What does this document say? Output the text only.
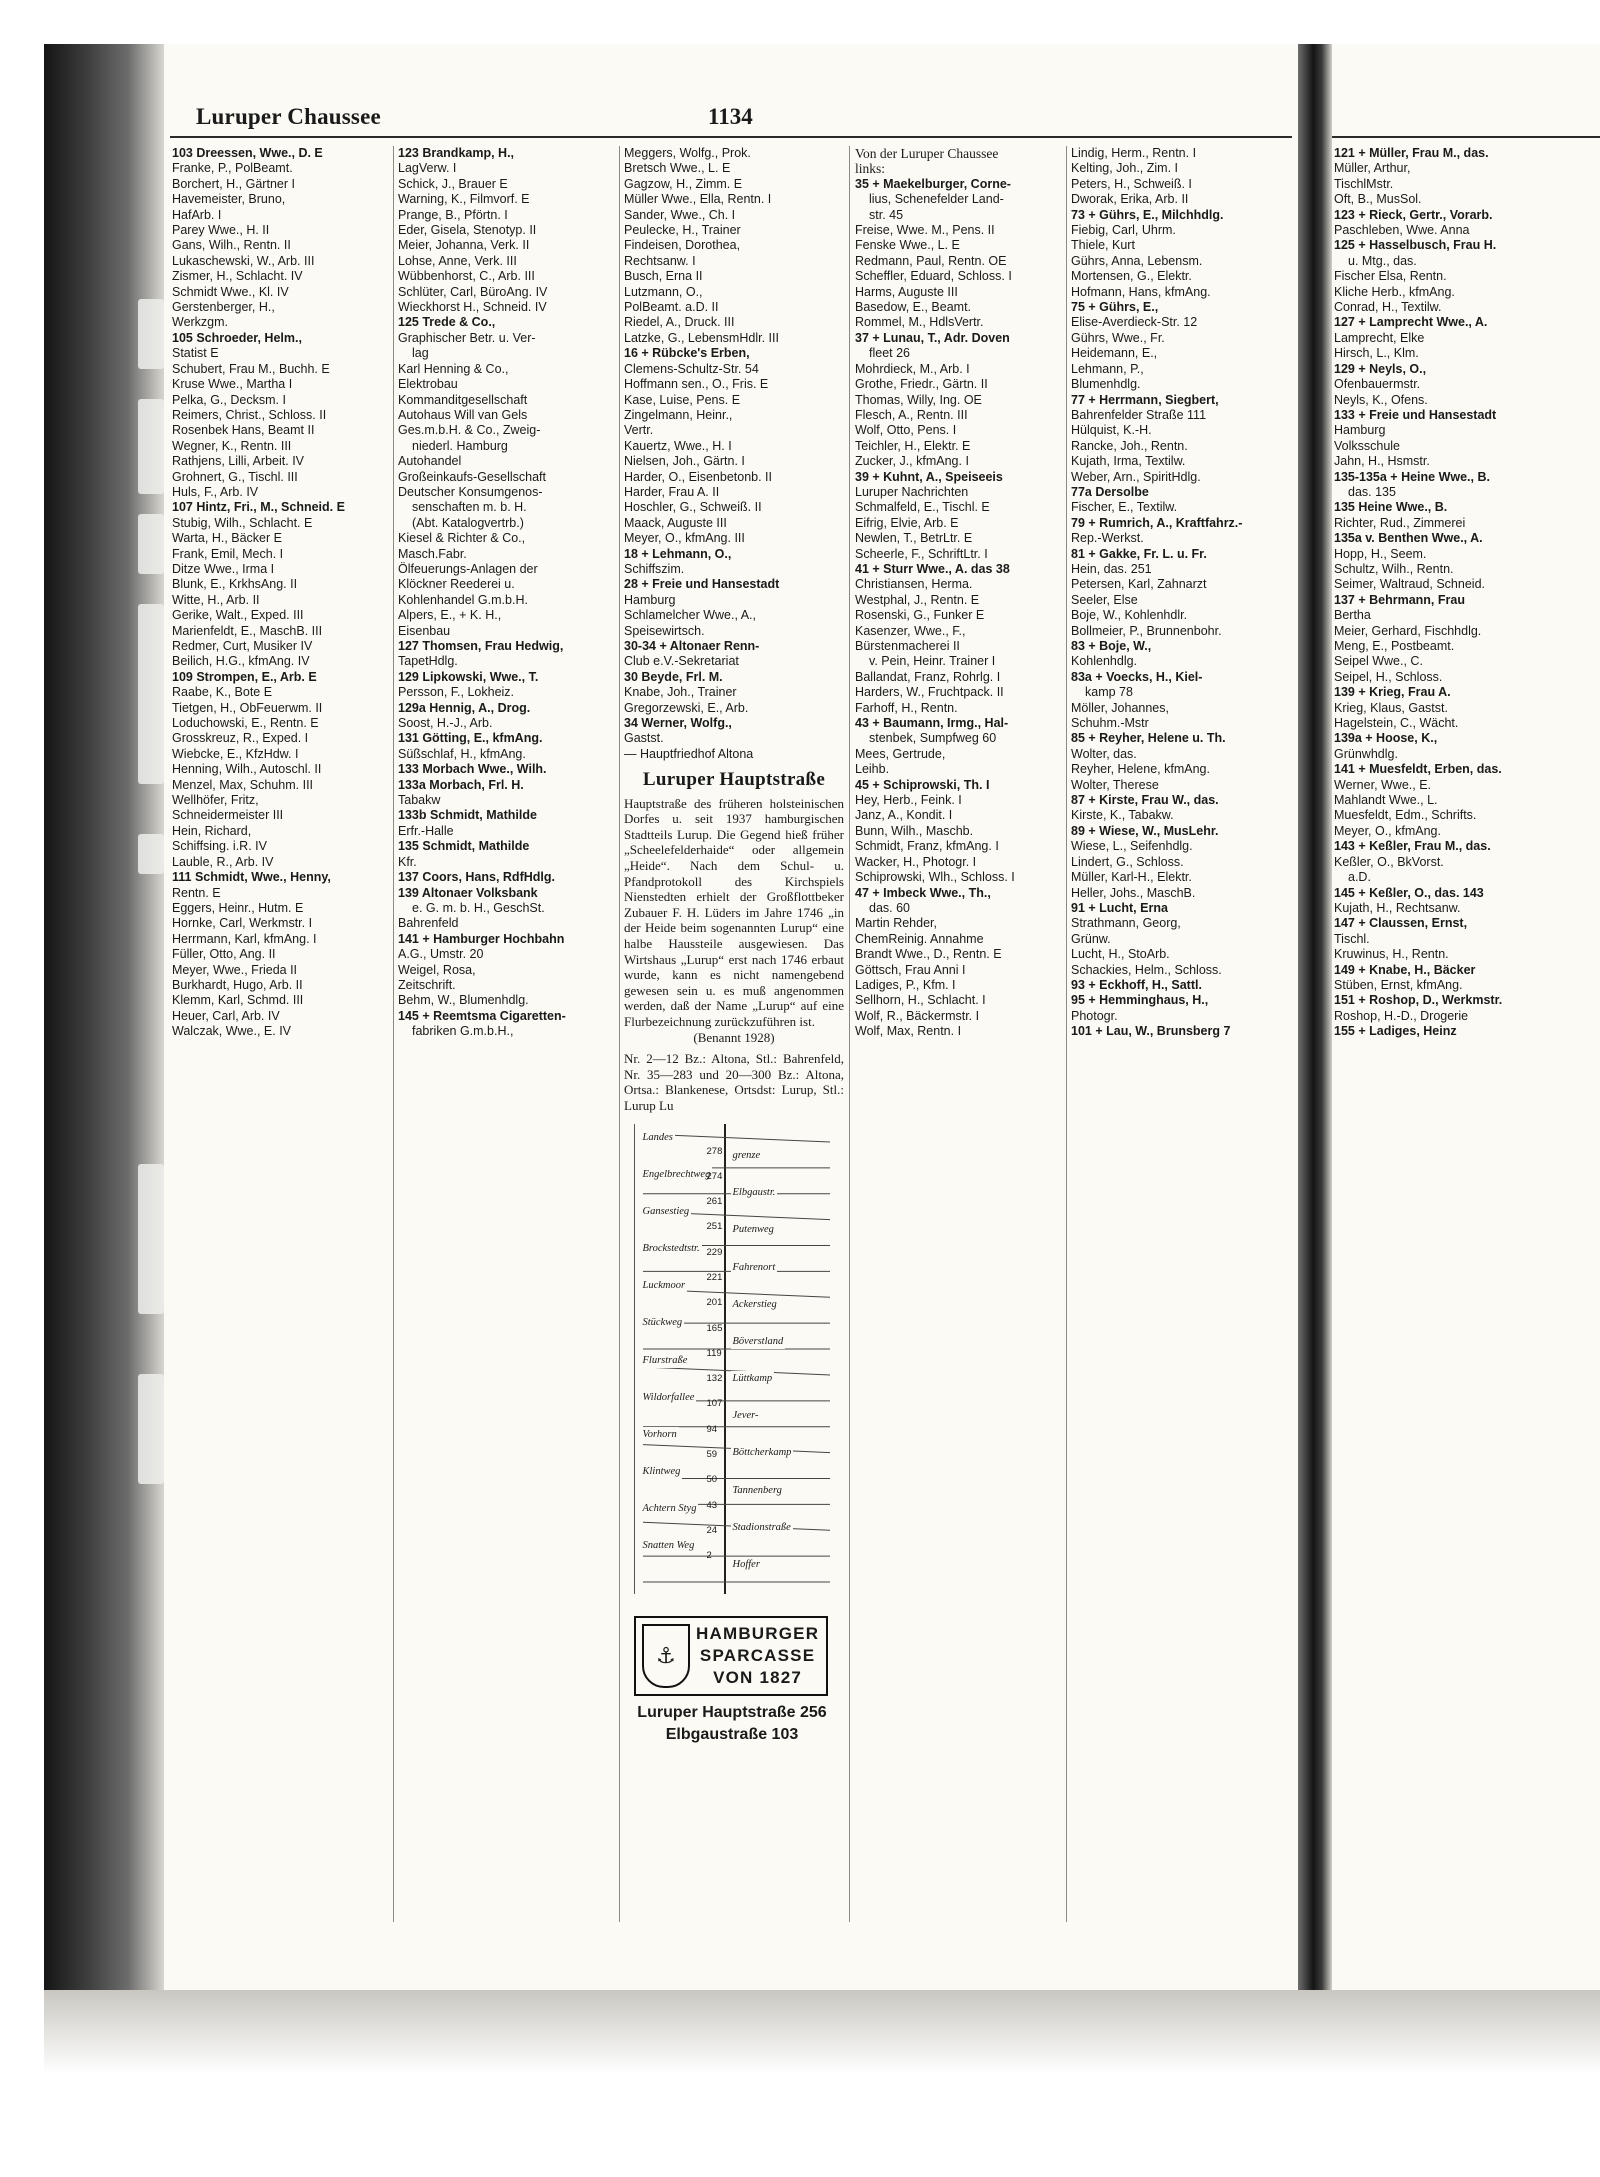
Luruper Chaussee	1134

103 Dreessen, Wwe., D. E

Franke, P., PolBeamt.

Borchert, H., Gärtner I

Havemeister, Bruno,

HafArb. I

Parey Wwe., H. II

Gans, Wilh., Rentn. II

Lukaschewski, W., Arb. III

Zismer, H., Schlacht. IV

Schmidt Wwe., Kl. IV

Gerstenberger, H.,

Werkzgm.

105 Schroeder, Helm.,

Statist E

Schubert, Frau M., Buchh. E

Kruse Wwe., Martha I

Pelka, G., Decksm. I

Reimers, Christ., Schloss. II

Rosenbek Hans, Beamt II

Wegner, K., Rentn. III

Rathjens, Lilli, Arbeit. IV

Grohnert, G., Tischl. III

Huls, F., Arb. IV

107 Hintz, Fri., M., Schneid. E

Stubig, Wilh., Schlacht. E

Warta, H., Bäcker E

Frank, Emil, Mech. I

Ditze Wwe., Irma I

Blunk, E., KrkhsAng. II

Witte, H., Arb. II

Gerike, Walt., Exped. III

Marienfeldt, E., MaschB. III

Redmer, Curt, Musiker IV

Beilich, H.G., kfmAng. IV

109 Strompen, E., Arb. E

Raabe, K., Bote E

Tietgen, H., ObFeuerwm. II

Loduchowski, E., Rentn. E

Grosskreuz, R., Exped. I

Wiebcke, E., KfzHdw. I

Henning, Wilh., Autoschl. II

Menzel, Max, Schuhm. III

Wellhöfer, Fritz,

Schneidermeister III

Hein, Richard,

Schiffsing. i.R. IV

Lauble, R., Arb. IV

111 Schmidt, Wwe., Henny,

Rentn. E

Eggers, Heinr., Hutm. E

Hornke, Carl, Werkmstr. I

Herrmann, Karl, kfmAng. I

Füller, Otto, Ang. II

Meyer, Wwe., Frieda II

Burkhardt, Hugo, Arb. II

Klemm, Karl, Schmd. III

Heuer, Carl, Arb. IV

Walczak, Wwe., E. IV

123 Brandkamp, H.,

LagVerw. I

Schick, J., Brauer E

Warning, K., Filmvorf. E

Prange, B., Pförtn. I

Eder, Gisela, Stenotyp. II

Meier, Johanna, Verk. II

Lohse, Anne, Verk. III

Wübbenhorst, C., Arb. III

Schlüter, Carl, BüroAng. IV

Wieckhorst H., Schneid. IV

125 Trede & Co.,

Graphischer Betr. u. Ver-

lag

Karl Henning & Co.,

Elektrobau

Kommanditgesellschaft

Autohaus Will van Gels

Ges.m.b.H. & Co., Zweig-

niederl. Hamburg

Autohandel

Großeinkaufs-Gesellschaft

Deutscher Konsumgenos-

senschaften m. b. H.

(Abt. Katalogvertrb.)

Kiesel & Richter & Co.,

Masch.Fabr.

Ölfeuerungs-Anlagen der

Klöckner Reederei u.

Kohlenhandel G.m.b.H.

Alpers, E., + K. H.,

Eisenbau

127 Thomsen, Frau Hedwig,

TapetHdlg.

129 Lipkowski, Wwe., T.

Persson, F., Lokheiz.

129a Hennig, A., Drog.

Soost, H.-J., Arb.

131 Götting, E., kfmAng.

Süßschlaf, H., kfmAng.

133 Morbach Wwe., Wilh.

133a Morbach, Frl. H.

Tabakw

133b Schmidt, Mathilde

Erfr.-Halle

135 Schmidt, Mathilde

Kfr.

137 Coors, Hans, RdfHdlg.

139 Altonaer Volksbank

e. G. m. b. H., GeschSt.

Bahrenfeld

141 + Hamburger Hochbahn

A.G., Umstr. 20

Weigel, Rosa,

Zeitschrift.

Behm, W., Blumenhdlg.

145 + Reemtsma Cigaretten-

fabriken G.m.b.H.,

Meggers, Wolfg., Prok.

Bretsch Wwe., L. E

Gagzow, H., Zimm. E

Müller Wwe., Ella, Rentn. I

Sander, Wwe., Ch. I

Peulecke, H., Trainer

Findeisen, Dorothea,

Rechtsanw. I

Busch, Erna II

Lutzmann, O.,

PolBeamt. a.D. II

Riedel, A., Druck. III

Latzke, G., LebensmHdlr. III

16 + Rübcke's Erben,

Clemens-Schultz-Str. 54

Hoffmann sen., O., Fris. E

Kase, Luise, Pens. E

Zingelmann, Heinr.,

Vertr.

Kauertz, Wwe., H. I

Nielsen, Joh., Gärtn. I

Harder, O., Eisenbetonb. II

Harder, Frau A. II

Hoschler, G., Schweiß. II

Maack, Auguste III

Meyer, O., kfmAng. III

18 + Lehmann, O.,

Schiffszim.

28 + Freie und Hansestadt

Hamburg

Schlamelcher Wwe., A.,

Speisewirtsch.

30-34 + Altonaer Renn-

Club e.V.-Sekretariat

30 Beyde, Frl. M.

Knabe, Joh., Trainer

Gregorzewski, E., Arb.

34 Werner, Wolfg.,

Gastst.

— Hauptfriedhof Altona

Luruper Hauptstraße

Hauptstraße des früheren holsteinischen Dorfes u. seit 1937 hamburgischen Stadtteils Lurup. Die Gegend hieß früher „Scheelefelderhaide“ oder allgemein „Heide“. Nach dem Schul- u. Pfandprotokoll des Kirchspiels Nienstedten erhielt der Großflottbeker Zubauer F. H. Lüders im Jahre 1746 „in der Heide beim sogenannten Lurup“ eine halbe Haussteile ausgewiesen. Das Wirtshaus „Lurup“ erst nach 1746 erbaut wurde, kann es nicht namengebend gewesen sein u. es muß angenommen werden, daß der Name „Lurup“ auf eine Flurbezeichnung zurückzuführen ist.

(Benannt 1928)

Nr. 2—12 Bz.: Altona, Stl.: Bahrenfeld, Nr. 35—283 und 20—300 Bz.: Altona, Ortsa.: Blankenese, Ortsdst: Lurup, Stl.: Lurup Lu

Landes
grenze
Engelbrechtweg
Elbgaustr.
Gansestieg
Putenweg
Brockstedtstr.
Fahrenort
Luckmoor
Ackerstieg
Stückweg
Böverstland
Flurstraße
Lüttkamp
Wildorfallee
Jever-
Vorhorn
Böttcherkamp
Klintweg
Tannenberg
Achtern Styg
Stadionstraße
Snatten Weg
Hoffer
278
274
261
251
229
221
201
165
119
132
107
94
59
50
43
24
2
⚓
HAMBURGER
SPARCASSE
VON 1827
Luruper Hauptstraße 256
Elbgaustraße 103

Von der Luruper Chaussee

links:

35 + Maekelburger, Corne-

lius, Schenefelder Land-

str. 45

Freise, Wwe. M., Pens. II

Fenske Wwe., L. E

Redmann, Paul, Rentn. OE

Scheffler, Eduard, Schloss. I

Harms, Auguste III

Basedow, E., Beamt.

Rommel, M., HdlsVertr.

37 + Lunau, T., Adr. Doven

fleet 26

Mohrdieck, M., Arb. I

Grothe, Friedr., Gärtn. II

Thomas, Willy, Ing. OE

Flesch, A., Rentn. III

Wolf, Otto, Pens. I

Teichler, H., Elektr. E

Zucker, J., kfmAng. I

39 + Kuhnt, A., Speiseeis

Luruper Nachrichten

Schmalfeld, E., Tischl. E

Eifrig, Elvie, Arb. E

Newlen, T., BetrLtr. E

Scheerle, F., SchriftLtr. I

41 + Sturr Wwe., A. das 38

Christiansen, Herma.

Westphal, J., Rentn. E

Rosenski, G., Funker E

Kasenzer, Wwe., F.,

Bürstenmacherei II

v. Pein, Heinr. Trainer I

Ballandat, Franz, Rohrlg. I

Harders, W., Fruchtpack. II

Farhoff, H., Rentn.

43 + Baumann, Irmg., Hal-

stenbek, Sumpfweg 60

Mees, Gertrude,

Leihb.

45 + Schiprowski, Th. I

Hey, Herb., Feink. I

Janz, A., Kondit. I

Bunn, Wilh., Maschb.

Schmidt, Franz, kfmAng. I

Wacker, H., Photogr. I

Schiprowski, Wlh., Schloss. I

47 + Imbeck Wwe., Th.,

das. 60

Martin Rehder,

ChemReinig. Annahme

Brandt Wwe., D., Rentn. E

Göttsch, Frau Anni I

Ladiges, P., Kfm. I

Sellhorn, H., Schlacht. I

Wolf, R., Bäckermstr. I

Wolf, Max, Rentn. I

Lindig, Herm., Rentn. I

Kelting, Joh., Zim. I

Peters, H., Schweiß. I

Dworak, Erika, Arb. II

73 + Gührs, E., Milchhdlg.

Fiebig, Carl, Uhrm.

Thiele, Kurt

Gührs, Anna, Lebensm.

Mortensen, G., Elektr.

Hofmann, Hans, kfmAng.

75 + Gührs, E.,

Elise-Averdieck-Str. 12

Gührs, Wwe., Fr.

Heidemann, E.,

Lehmann, P.,

Blumenhdlg.

77 + Herrmann, Siegbert,

Bahrenfelder Straße 111

Hülquist, K.-H.

Rancke, Joh., Rentn.

Kujath, Irma, Textilw.

Weber, Arn., SpiritHdlg.

77a Dersolbe

Fischer, E., Textilw.

79 + Rumrich, A., Kraftfahrz.-

Rep.-Werkst.

81 + Gakke, Fr. L. u. Fr.

Hein, das. 251

Petersen, Karl, Zahnarzt

Seeler, Else

Boje, W., Kohlenhdlr.

Bollmeier, P., Brunnenbohr.

83 + Boje, W.,

Kohlenhdlg.

83a + Voecks, H., Kiel-

kamp 78

Möller, Johannes,

Schuhm.-Mstr

85 + Reyher, Helene u. Th.

Wolter, das.

Reyher, Helene, kfmAng.

Wolter, Therese

87 + Kirste, Frau W., das.

Kirste, K., Tabakw.

89 + Wiese, W., MusLehr.

Wiese, L., Seifenhdlg.

Lindert, G., Schloss.

Müller, Karl-H., Elektr.

Heller, Johs., MaschB.

91 + Lucht, Erna

Strathmann, Georg,

Grünw.

Lucht, H., StoArb.

Schackies, Helm., Schloss.

93 + Eckhoff, H., Sattl.

95 + Hemminghaus, H.,

Photogr.

101 + Lau, W., Brunsberg 7

121 + Müller, Frau M., das.

Müller, Arthur,

TischlMstr.

Oft, B., MusSol.

123 + Rieck, Gertr., Vorarb.

Paschleben, Wwe. Anna

125 + Hasselbusch, Frau H.

u. Mtg., das.

Fischer Elsa, Rentn.

Kliche Herb., kfmAng.

Conrad, H., Textilw.

127 + Lamprecht Wwe., A.

Lamprecht, Elke

Hirsch, L., Klm.

129 + Neyls, O.,

Ofenbauermstr.

Neyls, K., Ofens.

133 + Freie und Hansestadt

Hamburg

Volksschule

Jahn, H., Hsmstr.

135-135a + Heine Wwe., B.

das. 135

135 Heine Wwe., B.

Richter, Rud., Zimmerei

135a v. Benthen Wwe., A.

Hopp, H., Seem.

Schultz, Wilh., Rentn.

Seimer, Waltraud, Schneid.

137 + Behrmann, Frau

Bertha

Meier, Gerhard, Fischhdlg.

Meng, E., Postbeamt.

Seipel Wwe., C.

Seipel, H., Schloss.

139 + Krieg, Frau A.

Krieg, Klaus, Gastst.

Hagelstein, C., Wächt.

139a + Hoose, K.,

Grünwhdlg.

141 + Muesfeldt, Erben, das.

Werner, Wwe., E.

Mahlandt Wwe., L.

Muesfeldt, Edm., Schrifts.

Meyer, O., kfmAng.

143 + Keßler, Frau M., das.

Keßler, O., BkVorst.

a.D.

145 + Keßler, O., das. 143

Kujath, H., Rechtsanw.

147 + Claussen, Ernst,

Tischl.

Kruwinus, H., Rentn.

149 + Knabe, H., Bäcker

Stüben, Ernst, kfmAng.

151 + Roshop, D., Werkmstr.

Roshop, H.-D., Drogerie

155 + Ladiges, Heinz
